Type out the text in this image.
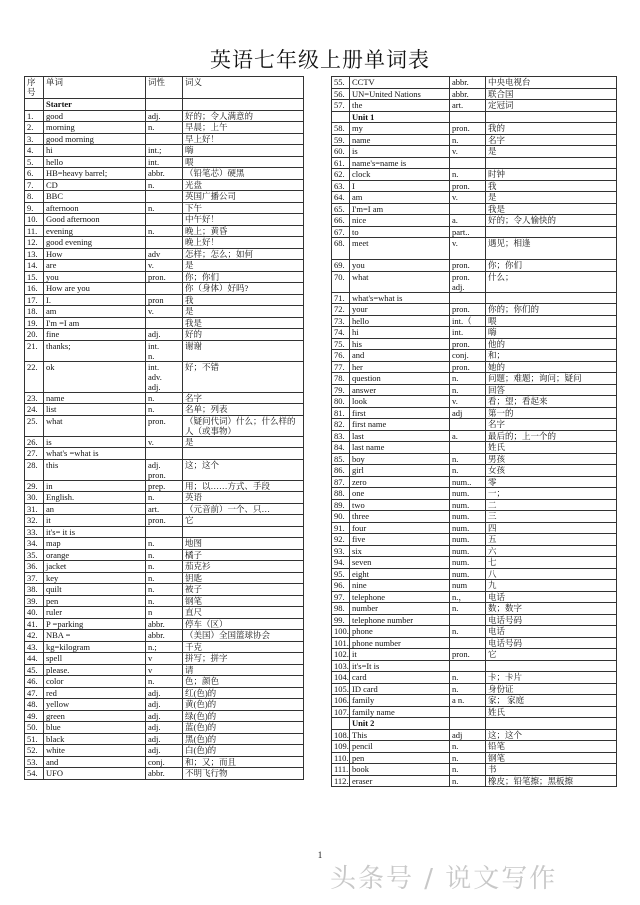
英语七年级上册单词表
序
号	单词	词性	词义
	Starter		
1.	good	adj.	好的；令人满意的
2.	morning	n.	早晨；上午
3.	good morning		早上好！
4.	hi	int.;	嗨
5.	hello	int.	喂
6.	HB=heavy barrel;	abbr.	（铅笔芯）硬黑
7.	CD	n.	光盘
8.	BBC		英国广播公司
9.	afternoon	n.	下午
10.	Good afternoon		中午好！
11.	evening	n.	晚上；黄昏
12.	good evening		晚上好！
13.	How	adv	怎样；怎么；如何
14.	are	v.	是
15.	you	pron.	你；你们
16.	How are you		你（身体）好吗?
17.	I.	pron	我
18.	am	v.	是
19.	I'm =I am		我是
20.	fine	adj.	好的
21.	thanks;	int.
n.	谢谢
22.	ok	int.
adv.
adj.	好；不错
23.	name	n.	名字
24.	list	n.	名单；列表
25.	what	pron.	（疑问代词）什么；什么样的人（或事物）
26.	is	v.	是
27.	what's =what is		
28.	this	adj.
pron.	这；这个
29.	in	prep.	用；以……方式、手段
30.	English.	n.	英语
31.	an	art.	（元音前）一个、只…
32.	it	pron.	它
33.	it's= it is		
34.	map	n.	地图
35.	orange	n.	橘子
36.	jacket	n.	茄克衫
37.	key	n.	钥匙
38.	quilt	n.	被子
39.	pen	n.	钢笔
40.	ruler	n	直尺
41.	P =parking	abbr.	停车（区）
42.	NBA =	abbr.	（美国）全国篮球协会
43.	kg=kilogram	n.;	千克
44.	spell	v	拼写；拼字
45.	please.	v	请
46.	color	n.	色；颜色
47.	red	adj.	红(色)的
48.	yellow	adj.	黄(色)的
49.	green	adj.	绿(色)的
50.	blue	adj.	蓝(色)的
51.	black	adj.	黑(色)的
52.	white	adj.	白(色)的
53.	and	conj.	和；又；而且
54.	UFO	abbr.	不明飞行物
55.	CCTV	abbr.	中央电视台
56.	UN=United Nations	abbr.	联合国
57.	the	art.	定冠词
	Unit 1		
58.	my	pron.	我的
59.	name	n.	名字
60.	is	v.	是
61.	name's=name is		
62.	clock	n.	时钟
63.	I	pron.	我
64.	am	v.	是
65.	I'm=I am		我是
66.	nice	a.	好的；令人愉快的
67.	to	part..	
68.	meet	v.	遇见；相逢
69.	you	pron.	你；你们
70.	what	pron.
adj.	什么；
71.	what's=what is		
72.	your	pron.	你的；你们的
73.	hello	int.（	喂
74.	hi	int.	嗨
75.	his	pron.	他的
76.	and	conj.	和；
77.	her	pron.	她的
78.	question	n.	问题；难题；询问；疑问
79.	answer	n.	回答
80.	look	v.	看；望；看起来
81.	first	adj	第一的
82.	first name		名字
83.	last	a.	最后的；上一个的
84.	last name		姓氏
85.	boy	n.	男孩
86.	girl	n.	女孩
87.	zero	num..	零
88.	one	num.	一；
89.	two	num.	二
90.	three	num.	三
91.	four	num.	四
92.	five	num.	五
93.	six	num.	六
94.	seven	num.	七
95.	eight	num.	八
96.	nine	num	九
97.	telephone	n.，	电话
98.	number	n.	数；数字
99.	telephone number		电话号码
100.	phone	n.	电话
101.	phone number		电话号码
102.	it	pron.	它
103.	it's=It is		
104.	card	n.	卡；卡片
105.	ID card	n.	身份证
106.	family	a n.	家； 家庭
107.	family name		姓氏
	Unit 2		
108.	This	adj	这；这个
109.	pencil	n.	铅笔
110.	pen	n.	钢笔
111.	book	n.	书
112.	eraser	n.	橡皮；铅笔擦；黑板擦
1
头条号 / 说文写作
